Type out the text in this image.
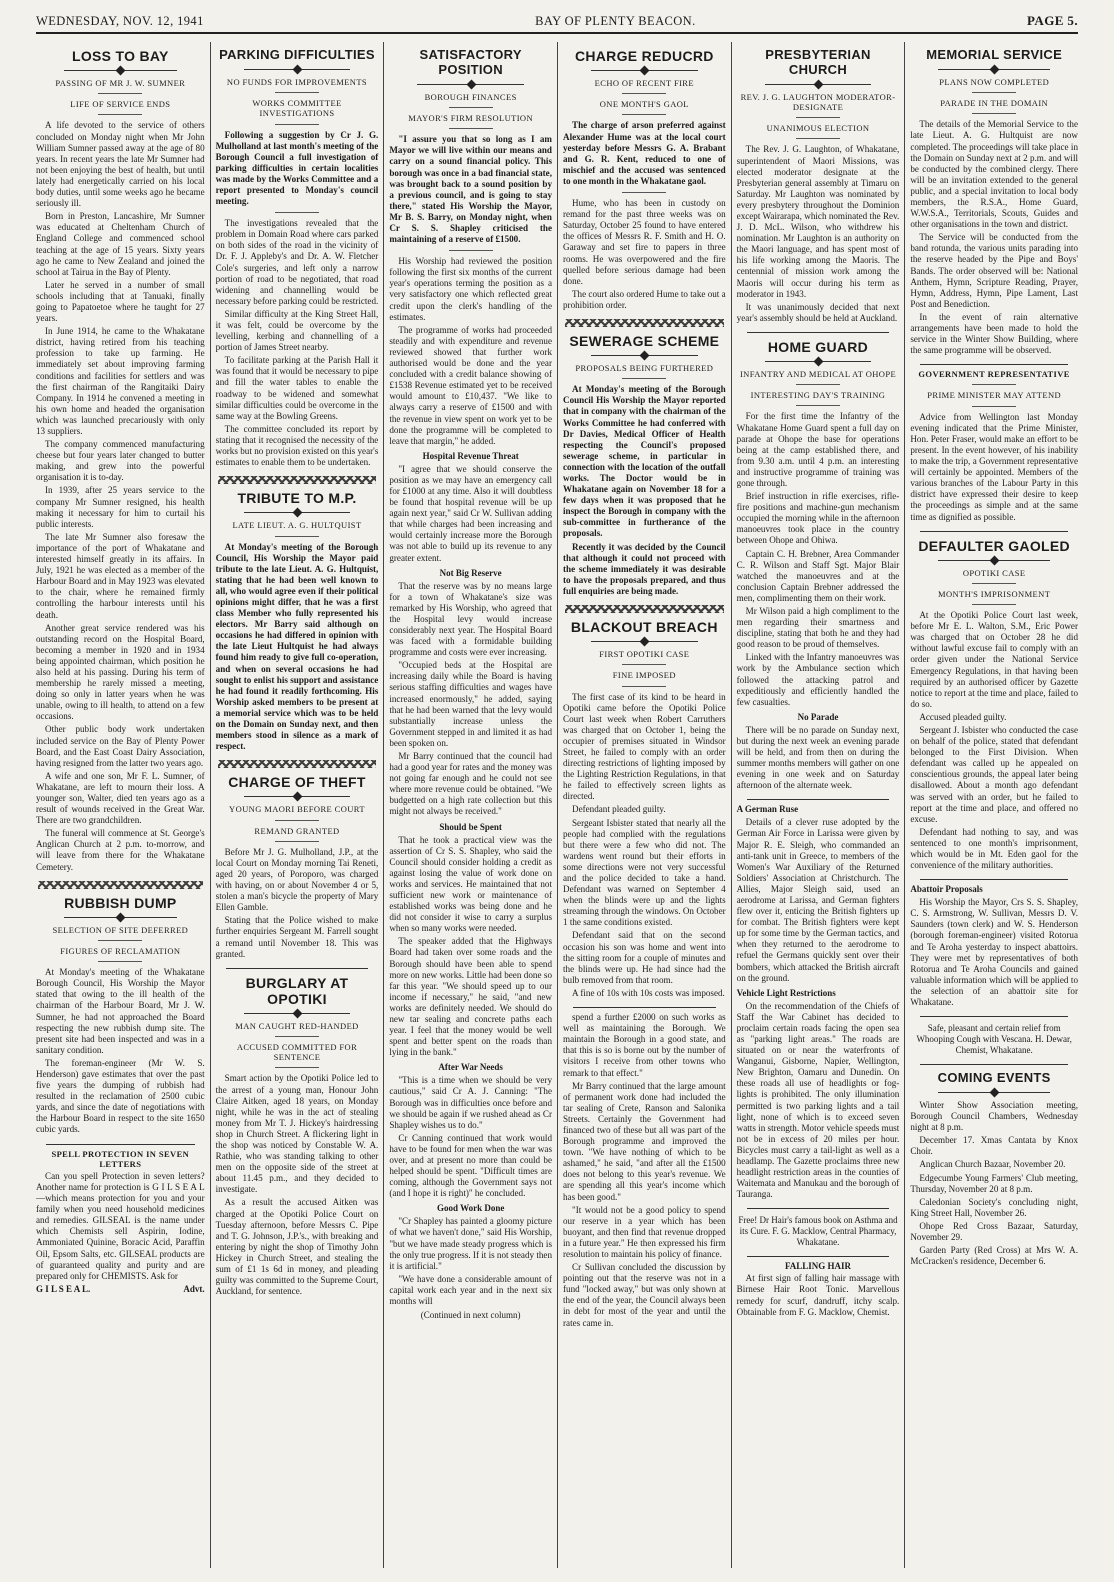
WEDNESDAY, NOV. 12, 1941	BAY OF PLENTY BEACON.	PAGE 5.
LOSS TO BAY
PASSING OF MR J. W. SUMNER
LIFE OF SERVICE ENDS

A life devoted to the service of others concluded on Monday night when Mr John William Sumner passed away at the age of 80 years. In recent years the late Mr Sumner had not been enjoying the best of health, but until lately had energetically carried on his local body duties, until some weeks ago he became seriously ill.

Born in Preston, Lancashire, Mr Sumner was educated at Cheltenham Church of England College and commenced school teaching at the age of 15 years. Sixty years ago he came to New Zealand and joined the school at Tairua in the Bay of Plenty.

Later he served in a number of small schools including that at Tanuaki, finally going to Papatoetoe where he taught for 27 years.

In June 1914, he came to the Whakatane district, having retired from his teaching profession to take up farming. He immediately set about improving farming conditions and facilities for settlers and was the first chairman of the Rangitaiki Dairy Company. In 1914 he convened a meeting in his own home and headed the organisation which was launched precariously with only 13 suppliers.

The company commenced manufacturing cheese but four years later changed to butter making, and grew into the powerful organisation it is to-day.

In 1939, after 25 years service to the company Mr Sumner resigned, his health making it necessary for him to curtail his public interests.

The late Mr Sumner also foresaw the importance of the port of Whakatane and interested himself greatly in its affairs. In July, 1921 he was elected as a member of the Harbour Board and in May 1923 was elevated to the chair, where he remained firmly controlling the harbour interests until his death.

Another great service rendered was his outstanding record on the Hospital Board, becoming a member in 1920 and in 1934 being appointed chairman, which position he also held at his passing. During his term of membership he rarely missed a meeting, doing so only in latter years when he was unable, owing to ill health, to attend on a few occasions.

Other public body work undertaken included service on the Bay of Plenty Power Board, and the East Coast Dairy Association, having resigned from the latter two years ago.

A wife and one son, Mr F. L. Sumner, of Whakatane, are left to mourn their loss. A younger son, Walter, died ten years ago as a result of wounds received in the Great War. There are two grandchildren.

The funeral will commence at St. George's Anglican Church at 2 p.m. to-morrow, and will leave from there for the Whakatane Cemetery.

RUBBISH DUMP
SELECTION OF SITE DEFERRED
FIGURES OF RECLAMATION

At Monday's meeting of the Whakatane Borough Council, His Worship the Mayor stated that owing to the ill health of the chairman of the Harbour Board, Mr J. W. Sumner, he had not approached the Board respecting the new rubbish dump site. The present site had been inspected and was in a sanitary condition.

The foreman-engineer (Mr W. S. Henderson) gave estimates that over the past five years the dumping of rubbish had resulted in the reclamation of 2500 cubic yards, and since the date of negotiations with the Harbour Board in respect to the site 1650 cubic yards.

SPELL PROTECTION IN SEVEN LETTERS

Can you spell Protection in seven letters? Another name for protection is G I L S E A L—which means protection for you and your family when you need household medicines and remedies. GILSEAL is the name under which Chemists sell Aspirin, Iodine, Ammoniated Quinine, Boracic Acid, Paraffin Oil, Epsom Salts, etc. GILSEAL products are of guaranteed quality and purity and are prepared only for CHEMISTS. Ask for

G I L S E A L.	Advt.
PARKING DIFFICULTIES
NO FUNDS FOR IMPROVEMENTS
WORKS COMMITTEE INVESTIGATIONS

Following a suggestion by Cr J. G. Mulholland at last month's meeting of the Borough Council a full investigation of parking difficulties in certain localities was made by the Works Committee and a report presented to Monday's council meeting.

The investigations revealed that the problem in Domain Road where cars parked on both sides of the road in the vicinity of Dr. F. J. Appleby's and Dr. A. W. Fletcher Cole's surgeries, and left only a narrow portion of road to be negotiated, that road widening and channelling would be necessary before parking could be restricted.

Similar difficulty at the King Street Hall, it was felt, could be overcome by the levelling, kerbing and channelling of a portion of James Street nearby.

To facilitate parking at the Parish Hall it was found that it would be necessary to pipe and fill the water tables to enable the roadway to be widened and somewhat similar difficulties could be overcome in the same way at the Bowling Greens.

The committee concluded its report by stating that it recognised the necessity of the works but no provision existed on this year's estimates to enable them to be undertaken.

TRIBUTE TO M.P.
LATE LIEUT. A. G. HULTQUIST

At Monday's meeting of the Borough Council, His Worship the Mayor paid tribute to the late Lieut. A. G. Hultquist, stating that he had been well known to all, who would agree even if their political opinions might differ, that he was a first class Member who fully represented his electors. Mr Barry said although on occasions he had differed in opinion with the late Lieut Hultquist he had always found him ready to give full co-operation, and when on several occasions he had sought to enlist his support and assistance he had found it readily forthcoming. His Worship asked members to be present at a memorial service which was to be held on the Domain on Sunday next, and then members stood in silence as a mark of respect.

CHARGE OF THEFT
YOUNG MAORI BEFORE COURT
REMAND GRANTED

Before Mr J. G. Mulholland, J.P., at the local Court on Monday morning Tai Reneti, aged 20 years, of Poroporo, was charged with having, on or about November 4 or 5, stolen a man's bicycle the property of Mary Ellen Gamble.

Stating that the Police wished to make further enquiries Sergeant M. Farrell sought a remand until November 18. This was granted.

BURGLARY AT OPOTIKI
MAN CAUGHT RED-HANDED
ACCUSED COMMITTED FOR SENTENCE

Smart action by the Opotiki Police led to the arrest of a young man, Honour John Claire Aitken, aged 18 years, on Monday night, while he was in the act of stealing money from Mr T. J. Hickey's hairdressing shop in Church Street. A flickering light in the shop was noticed by Constable W. A. Rathie, who was standing talking to other men on the opposite side of the street at about 11.45 p.m., and they decided to investigate.

As a result the accused Aitken was charged at the Opotiki Police Court on Tuesday afternoon, before Messrs C. Pipe and T. G. Johnson, J.P.'s., with breaking and entering by night the shop of Timothy John Hickey in Church Street, and stealing the sum of £1 1s 6d in money, and pleading guilty was committed to the Supreme Court, Auckland, for sentence.

SATISFACTORY POSITION
BOROUGH FINANCES
MAYOR'S FIRM RESOLUTION

"I assure you that so long as I am Mayor we will live within our means and carry on a sound financial policy. This borough was once in a bad financial state, was brought back to a sound position by a previous council, and is going to stay there," stated His Worship the Mayor, Mr B. S. Barry, on Monday night, when Cr S. S. Shapley criticised the maintaining of a reserve of £1500.

His Worship had reviewed the position following the first six months of the current year's operations terming the position as a very satisfactory one which reflected great credit upon the clerk's handling of the estimates.

The programme of works had proceeded steadily and with expenditure and revenue reviewed showed that further work authorised would be done and the year concluded with a credit balance showing of £1538 Revenue estimated yet to be received would amount to £10,437. "We like to always carry a reserve of £1500 and with the revenue in view spent on work yet to be done the programme will be completed to leave that margin," he added.

Hospital Revenue Threat

"I agree that we should conserve the position as we may have an emergency call for £1000 at any time. Also it will doubtless be found that hospital revenue will be up again next year," said Cr W. Sullivan adding that while charges had been increasing and would certainly increase more the Borough was not able to build up its revenue to any greater extent.

Not Big Reserve

That the reserve was by no means large for a town of Whakatane's size was remarked by His Worship, who agreed that the Hospital levy would increase considerably next year. The Hospital Board was faced with a formidable building programme and costs were ever increasing.

"Occupied beds at the Hospital are increasing daily while the Board is having serious staffing difficulties and wages have increased enormously," he added, saying that he had been warned that the levy would substantially increase unless the Government stepped in and limited it as had been spoken on.

Mr Barry continued that the council had had a good year for rates and the money was not going far enough and he could not see where more revenue could be obtained. "We budgetted on a high rate collection but this might not always be received."

Should be Spent

That he took a practical view was the assertion of Cr S. S. Shapley, who said the Council should consider holding a credit as against losing the value of work done on works and services. He maintained that not sufficient new work or maintenance of established works was being done and he did not consider it wise to carry a surplus when so many works were needed.

The speaker added that the Highways Board had taken over some roads and the Borough should have been able to spend more on new works. Little had been done so far this year. "We should speed up to our income if necessary," he said, "and new works are definitely needed. We should do new tar sealing and concrete paths each year. I feel that the money would be well spent and better spent on the roads than lying in the bank."

After War Needs

"This is a time when we should be very cautious," said Cr A. J. Canning: "The Borough was in difficulties once before and we should be again if we rushed ahead as Cr Shapley wishes us to do."

Cr Canning continued that work would have to be found for men when the war was over, and at present no more than could be helped should be spent. "Difficult times are coming, although the Government says not (and I hope it is right)" he concluded.

Good Work Done

"Cr Shapley has painted a gloomy picture of what we haven't done," said His Worship, "but we have made steady progress which is the only true progress. If it is not steady then it is artificial."

"We have done a considerable amount of capital work each year and in the next six months will

(Continued in next column)
CHARGE REDUCRD
ECHO OF RECENT FIRE
ONE MONTH'S GAOL

The charge of arson preferred against Alexander Hume was at the local court yesterday before Messrs G. A. Brabant and G. R. Kent, reduced to one of mischief and the accused was sentenced to one month in the Whakatane gaol.

Hume, who has been in custody on remand for the past three weeks was on Saturday, October 25 found to have entered the offices of Messrs R. F. Smith and H. O. Garaway and set fire to papers in three rooms. He was overpowered and the fire quelled before serious damage had been done.

The court also ordered Hume to take out a prohibition order.

SEWERAGE SCHEME
PROPOSALS BEING FURTHERED

At Monday's meeting of the Borough Council His Worship the Mayor reported that in company with the chairman of the Works Committee he had conferred with Dr Davies, Medical Officer of Health respecting the Council's proposed sewerage scheme, in particular in connection with the location of the outfall works. The Doctor would be in Whakatane again on November 18 for a few days when it was proposed that he inspect the Borough in company with the sub-committee in furtherance of the proposals.

Recently it was decided by the Council that although it could not proceed with the scheme immediately it was desirable to have the proposals prepared, and thus full enquiries are being made.

BLACKOUT BREACH
FIRST OPOTIKI CASE
FINE IMPOSED

The first case of its kind to be heard in Opotiki came before the Opotiki Police Court last week when Robert Carruthers was charged that on October 1, being the occupier of premises situated in Windsor Street, he failed to comply with an order directing restrictions of lighting imposed by the Lighting Restriction Regulations, in that he failed to effectively screen lights as directed.

Defendant pleaded guilty.

Sergeant Isbister stated that nearly all the people had complied with the regulations but there were a few who did not. The wardens went round but their efforts in some directions were not very successful and the police decided to take a hand. Defendant was warned on September 4 when the blinds were up and the lights streaming through the windows. On October 1 the same conditions existed.

Defendant said that on the second occasion his son was home and went into the sitting room for a couple of minutes and the blinds were up. He had since had the bulb removed from that room.

A fine of 10s with 10s costs was imposed.

spend a further £2000 on such works as well as maintaining the Borough. We maintain the Borough in a good state, and that this is so is borne out by the number of visitors I receive from other towns who remark to that effect."

Mr Barry continued that the large amount of permanent work done had included the tar sealing of Crete, Ranson and Salonika Streets. Certainly the Government had financed two of these but all was part of the Borough programme and improved the town. "We have nothing of which to be ashamed," he said, "and after all the £1500 does not belong to this year's revenue. We are spending all this year's income which has been good."

"It would not be a good policy to spend our reserve in a year which has been buoyant, and then find that revenue dropped in a future year." He then expressed his firm resolution to maintain his policy of finance.

Cr Sullivan concluded the discussion by pointing out that the reserve was not in a fund "locked away," but was only shown at the end of the year, the Council always been in debt for most of the year and until the rates came in.

PRESBYTERIAN CHURCH
REV. J. G. LAUGHTON MODERATOR-DESIGNATE
UNANIMOUS ELECTION

The Rev. J. G. Laughton, of Whakatane, superintendent of Maori Missions, was elected moderator designate at the Presbyterian general assembly at Timaru on Saturday. Mr Laughton was nominated by every presbytery throughout the Dominion except Wairarapa, which nominated the Rev. J. D. McL. Wilson, who withdrew his nomination. Mr Laughton is an authority on the Maori language, and has spent most of his life working among the Maoris. The centennial of mission work among the Maoris will occur during his term as moderator in 1943.

It was unanimously decided that next year's assembly should be held at Auckland.

HOME GUARD
INFANTRY AND MEDICAL AT OHOPE
INTERESTING DAY'S TRAINING

For the first time the Infantry of the Whakatane Home Guard spent a full day on parade at Ohope the base for operations being at the camp established there, and from 9.30 a.m. until 4 p.m. an interesting and instructive programme of training was gone through.

Brief instruction in rifle exercises, rifle-fire positions and machine-gun mechanism occupied the morning while in the afternoon manoeuvres took place in the country between Ohope and Ohiwa.

Captain C. H. Brebner, Area Commander C. R. Wilson and Staff Sgt. Major Blair watched the manoeuvres and at the conclusion Captain Brebner addressed the men, complimenting them on their work.

Mr Wilson paid a high compliment to the men regarding their smartness and discipline, stating that both he and they had good reason to be proud of themselves.

Linked with the Infantry manoeuvres was work by the Ambulance section which followed the attacking patrol and expeditiously and efficiently handled the few casualties.

No Parade

There will be no parade on Sunday next, but during the next week an evening parade will be held, and from then on during the summer months members will gather on one evening in one week and on Saturday afternoon of the alternate week.

A German Ruse

Details of a clever ruse adopted by the German Air Force in Larissa were given by Major R. E. Sleigh, who commanded an anti-tank unit in Greece, to members of the Women's War Auxiliary of the Returned Soldiers' Association at Christchurch. The Allies, Major Sleigh said, used an aerodrome at Larissa, and German fighters flew over it, enticing the British fighters up for combat. The British fighters were kept up for some time by the German tactics, and when they returned to the aerodrome to refuel the Germans quickly sent over their bombers, which attacked the British aircraft on the ground.

Vehicle Light Restrictions

On the recommendation of the Chiefs of Staff the War Cabinet has decided to proclaim certain roads facing the open sea as "parking light areas." The roads are situated on or near the waterfronts of Wanganui, Gisborne, Napier, Wellington, New Brighton, Oamaru and Dunedin. On these roads all use of headlights or fog-lights is prohibited. The only illumination permitted is two parking lights and a tail light, none of which is to exceed seven watts in strength. Motor vehicle speeds must not be in excess of 20 miles per hour. Bicycles must carry a tail-light as well as a headlamp. The Gazette proclaims three new headlight restriction areas in the counties of Waitemata and Manukau and the borough of Tauranga.

Free! Dr Hair's famous book on Asthma and its Cure. F. G. Macklow, Central Pharmacy, Whakatane.
FALLING HAIR

At first sign of falling hair massage with Birnese Hair Root Tonic. Marvellous remedy for scurf, dandruff, itchy scalp. Obtainable from F. G. Macklow, Chemist.

MEMORIAL SERVICE
PLANS NOW COMPLETED
PARADE IN THE DOMAIN

The details of the Memorial Service to the late Lieut. A. G. Hultquist are now completed. The proceedings will take place in the Domain on Sunday next at 2 p.m. and will be conducted by the combined clergy. There will be an invitation extended to the general public, and a special invitation to local body members, the R.S.A., Home Guard, W.W.S.A., Territorials, Scouts, Guides and other organisations in the town and district.

The Service will be conducted from the band rotunda, the various units parading into the reserve headed by the Pipe and Boys' Bands. The order observed will be: National Anthem, Hymn, Scripture Reading, Prayer, Hymn, Address, Hymn, Pipe Lament, Last Post and Benediction.

In the event of rain alternative arrangements have been made to hold the service in the Winter Show Building, where the same programme will be observed.

GOVERNMENT REPRESENTATIVE
PRIME MINISTER MAY ATTEND

Advice from Wellington last Monday evening indicated that the Prime Minister, Hon. Peter Fraser, would make an effort to be present. In the event however, of his inability to make the trip, a Government representative will certainly be appointed. Members of the various branches of the Labour Party in this district have expressed their desire to keep the proceedings as simple and at the same time as dignified as possible.

DEFAULTER GAOLED
OPOTIKI CASE
MONTH'S IMPRISONMENT

At the Opotiki Police Court last week, before Mr E. L. Walton, S.M., Eric Power was charged that on October 28 he did without lawful excuse fail to comply with an order given under the National Service Emergency Regulations, in that having been required by an authorised officer by Gazette notice to report at the time and place, failed to do so.

Accused pleaded guilty.

Sergeant J. Isbister who conducted the case on behalf of the police, stated that defendant belonged to the First Division. When defendant was called up he appealed on conscientious grounds, the appeal later being disallowed. About a month ago defendant was served with an order, but he failed to report at the time and place, and offered no excuse.

Defendant had nothing to say, and was sentenced to one month's imprisonment, which would be in Mt. Eden gaol for the convenience of the military authorities.

Abattoir Proposals

His Worship the Mayor, Crs S. S. Shapley, C. S. Armstrong, W. Sullivan, Messrs D. V. Saunders (town clerk) and W. S. Henderson (borough foreman-engineer) visited Rotorua and Te Aroha yesterday to inspect abattoirs. They were met by representatives of both Rotorua and Te Aroha Councils and gained valuable information which will be applied to the selection of an abattoir site for Whakatane.

Safe, pleasant and certain relief from Whooping Cough with Vescana. H. Dewar, Chemist, Whakatane.
COMING EVENTS

Winter Show Association meeting, Borough Council Chambers, Wednesday night at 8 p.m.

December 17. Xmas Cantata by Knox Choir.

Anglican Church Bazaar, November 20.

Edgecumbe Young Farmers' Club meeting, Thursday, November 20 at 8 p.m.

Caledonian Society's concluding night, King Street Hall, November 26.

Ohope Red Cross Bazaar, Saturday, November 29.

Garden Party (Red Cross) at Mrs W. A. McCracken's residence, December 6.
